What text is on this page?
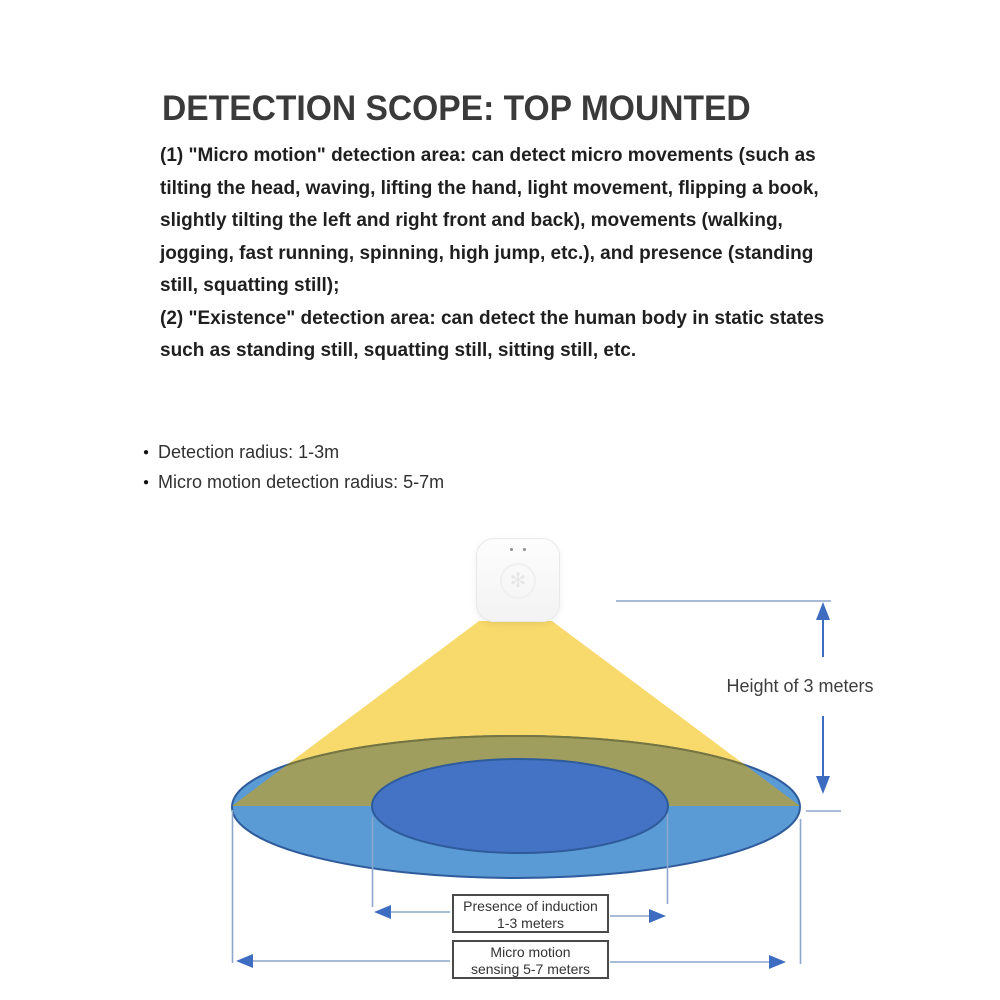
DETECTION SCOPE: TOP MOUNTED

(1) "Micro motion" detection area: can detect micro movements (such as tilting the head, waving, lifting the hand, light movement, flipping a book, slightly tilting the left and right front and back), movements (walking, jogging, fast running, spinning, high jump, etc.), and presence (standing still, squatting still);

(2) "Existence" detection area: can detect the human body in static states such as standing still, squatting still, sitting still, etc.

● Detection radius: 1-3m
● Micro motion detection radius: 5-7m
✻
Height of 3 meters
Presence of induction
1-3 meters
Micro motion
sensing 5-7 meters
